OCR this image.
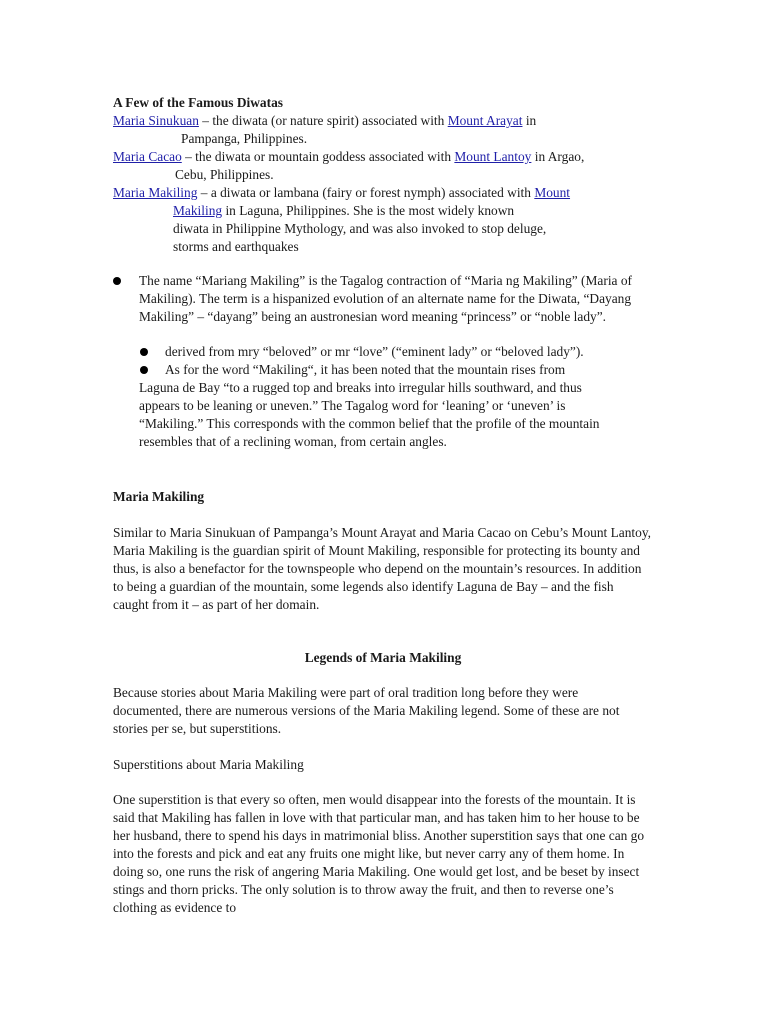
A Few of the Famous Diwatas
Maria Sinukuan – the diwata (or nature spirit) associated with Mount Arayat in
Pampanga, Philippines.
Maria Cacao – the diwata or mountain goddess associated with Mount Lantoy in Argao,
Cebu, Philippines.
Maria Makiling – a diwata or lambana (fairy or forest nymph) associated with Mount
Makiling in Laguna, Philippines. She is the most widely known
diwata in Philippine Mythology, and was also invoked to stop deluge,
storms and earthquakes
The name “Mariang Makiling” is the Tagalog contraction of “Maria ng Makiling” (Maria of Makiling). The term is a hispanized evolution of an alternate name for the Diwata, “Dayang Makiling” – “dayang” being an austronesian word meaning “princess” or “noble lady”.
derived from mry “beloved” or mr “love” (“eminent lady” or “beloved lady”).
As for the word “Makiling“, it has been noted that the mountain rises from
Laguna de Bay “to a rugged top and breaks into irregular hills southward, and thus appears to be leaning or uneven.” The Tagalog word for ‘leaning’ or ‘uneven’ is “Makiling.” This corresponds with the common belief that the profile of the mountain resembles that of a reclining woman, from certain angles.
Maria Makiling
Similar to Maria Sinukuan of Pampanga’s Mount Arayat and Maria Cacao on Cebu’s Mount Lantoy, Maria Makiling is the guardian spirit of Mount Makiling, responsible for protecting its bounty and thus, is also a benefactor for the townspeople who depend on the mountain’s resources. In addition to being a guardian of the mountain, some legends also identify Laguna de Bay – and the fish caught from it – as part of her domain.
Legends of Maria Makiling
Because stories about Maria Makiling were part of oral tradition long before they were documented, there are numerous versions of the Maria Makiling legend. Some of these are not stories per se, but superstitions.
Superstitions about Maria Makiling
One superstition is that every so often, men would disappear into the forests of the mountain. It is said that Makiling has fallen in love with that particular man, and has taken him to her house to be her husband, there to spend his days in matrimonial bliss. Another superstition says that one can go into the forests and pick and eat any fruits one might like, but never carry any of them home. In doing so, one runs the risk of angering Maria Makiling. One would get lost, and be beset by insect stings and thorn pricks. The only solution is to throw away the fruit, and then to reverse one’s clothing as evidence to
